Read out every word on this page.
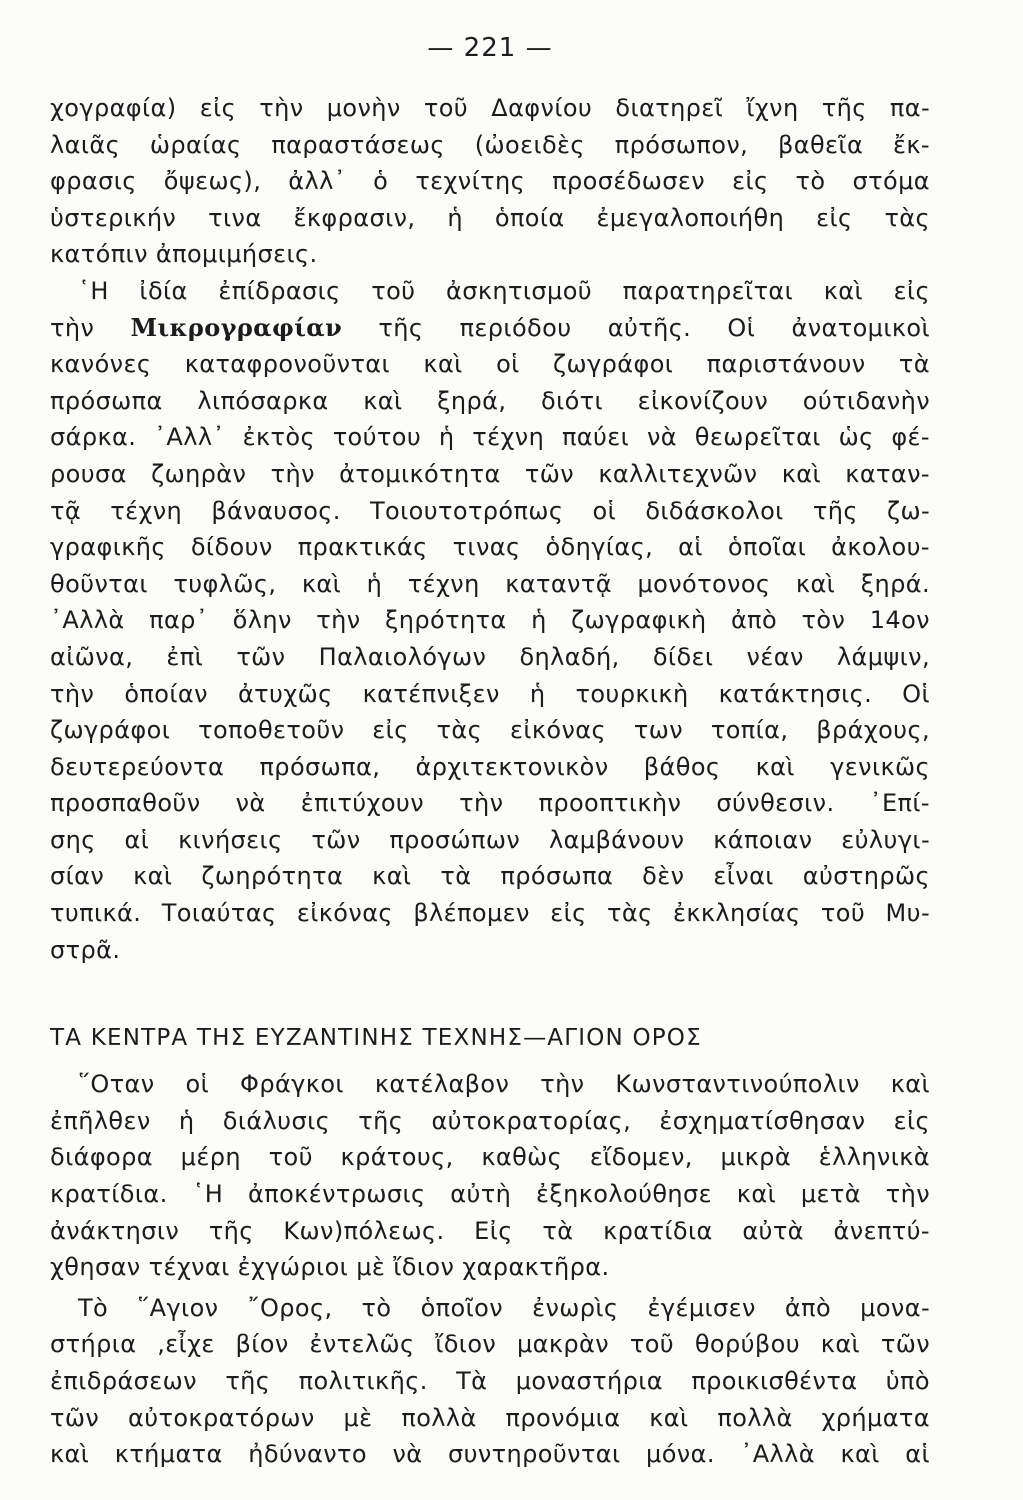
— 221 —
χογραφία) εἰς τὴν μονὴν τοῦ Δαφνίου διατηρεῖ ἴχνη τῆς πα-
λαιᾶς ὡραίας παραστάσεως (ὠοειδὲς πρόσωπον, βαθεῖα ἔκ-
φρασις ὄψεως), ἀλλ᾽ ὁ τεχνίτης προσέδωσεν εἰς τὸ στόμα
ὑστερικήν τινα ἔκφρασιν, ἡ ὁποία ἐμεγαλοποιήθη εἰς τὰς
κατόπιν ἀπομιμήσεις.
῾Η ἰδία ἐπίδρασις τοῦ ἀσκητισμοῦ παρατηρεῖται καὶ εἰς
τὴν Μικρογραφίαν τῆς περιόδου αὐτῆς. Οἱ ἀνατομικοὶ
κανόνες καταφρονοῦνται καὶ οἱ ζωγράφοι παριστάνουν τὰ
πρόσωπα λιπόσαρκα καὶ ξηρά, διότι εἰκονίζουν ούτιδανὴν
σάρκα. ᾿Αλλ᾽ ἐκτὸς τούτου ἡ τέχνη παύει νὰ θεωρεῖται ὡς φέ-
ρουσα ζωηρὰν τὴν ἀτομικότητα τῶν καλλιτεχνῶν καὶ καταν-
τᾷ τέχνη βάναυσος. Τοιουτοτρόπως οἱ διδάσκολοι τῆς ζω-
γραφικῆς δίδουν πρακτικάς τινας ὁδηγίας, αἱ ὁποῖαι ἀκολου-
θοῦνται τυφλῶς, καὶ ἡ τέχνη καταντᾷ μονότονος καὶ ξηρά.
᾿Αλλὰ παρ᾽ ὅλην τὴν ξηρότητα ἡ ζωγραφικὴ ἀπὸ τὸν 14ον
αἰῶνα, ἐπὶ τῶν Παλαιολόγων δηλαδή, δίδει νέαν λάμψιν,
τὴν ὁποίαν ἀτυχῶς κατέπνιξεν ἡ τουρκικὴ κατάκτησις. Οἱ
ζωγράφοι τοποθετοῦν εἰς τὰς εἰκόνας των τοπία, βράχους,
δευτερεύοντα πρόσωπα, ἀρχιτεκτονικὸν βάθος καὶ γενικῶς
προσπαθοῦν νὰ ἐπιτύχουν τὴν προοπτικὴν σύνθεσιν. ᾿Επί-
σης αἱ κινήσεις τῶν προσώπων λαμβάνουν κάποιαν εὐλυγι-
σίαν καὶ ζωηρότητα καὶ τὰ πρόσωπα δὲν εἶναι αὐστηρῶς
τυπικά. Τοιαύτας εἰκόνας βλέπομεν εἰς τὰς ἐκκλησίας τοῦ Μυ-
στρᾶ.
ΤΑ ΚΕΝΤΡΑ ΤΗΣ ΕΥΖΑΝΤΙΝΗΣ ΤΕΧΝΗΣ—ΑΓΙΟΝ ΟΡΟΣ
῞Οταν οἱ Φράγκοι κατέλαβον τὴν Κωνσταντινούπολιν καὶ
ἐπῆλθεν ἡ διάλυσις τῆς αὐτοκρατορίας, ἐσχηματίσθησαν εἰς
διάφορα μέρη τοῦ κράτους, καθὼς εἴδομεν, μικρὰ ἑλληνικὰ
κρατίδια. ῾Η ἀποκέντρωσις αὐτὴ ἐξηκολούθησε καὶ μετὰ τὴν
ἀνάκτησιν τῆς Κων)πόλεως. Εἰς τὰ κρατίδια αὐτὰ ἀνεπτύ-
χθησαν τέχναι ἐχγώριοι μὲ ἴδιον χαρακτῆρα.
Τὸ ῞Αγιον ῎Ορος, τὸ ὁποῖον ἐνωρὶς ἐγέμισεν ἀπὸ μονα-
στήρια ,εἶχε βίον ἐντελῶς ἴδιον μακρὰν τοῦ θορύβου καὶ τῶν
ἐπιδράσεων τῆς πολιτικῆς. Τὰ μοναστήρια προικισθέντα ὑπὸ
τῶν αὐτοκρατόρων μὲ πολλὰ προνόμια καὶ πολλὰ χρήματα
καὶ κτήματα ἠδύναντο νὰ συντηροῦνται μόνα. ᾿Αλλὰ καὶ αἱ
